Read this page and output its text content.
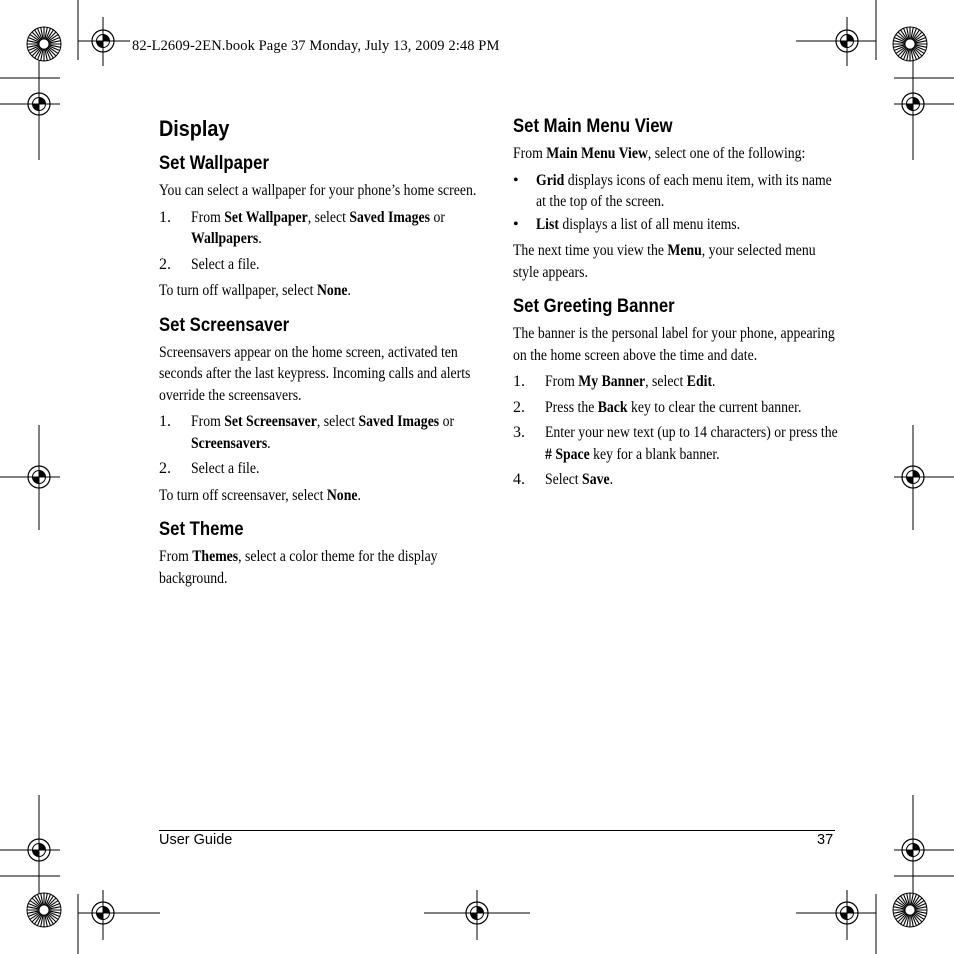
82-L2609-2EN.book Page 37 Monday, July 13, 2009 2:48 PM
Display
Set Wallpaper

You can select a wallpaper for your phone’s home screen.

1. From Set Wallpaper, select Saved Images or Wallpapers.
2. Select a file.

To turn off wallpaper, select None.

Set Screensaver

Screensavers appear on the home screen, activated ten seconds after the last keypress. Incoming calls and alerts override the screensavers.

1. From Set Screensaver, select Saved Images or Screensavers.
2. Select a file.

To turn off screensaver, select None.

Set Theme

From Themes, select a color theme for the display background.

Set Main Menu View

From Main Menu View, select one of the following:

• Grid displays icons of each menu item, with its name at the top of the screen.
• List displays a list of all menu items.

The next time you view the Menu, your selected menu style appears.

Set Greeting Banner

The banner is the personal label for your phone, appearing on the home screen above the time and date.

1. From My Banner, select Edit.
2. Press the Back key to clear the current banner.
3. Enter your new text (up to 14 characters) or press the # Space key for a blank banner.
4. Select Save.
User Guide	37
